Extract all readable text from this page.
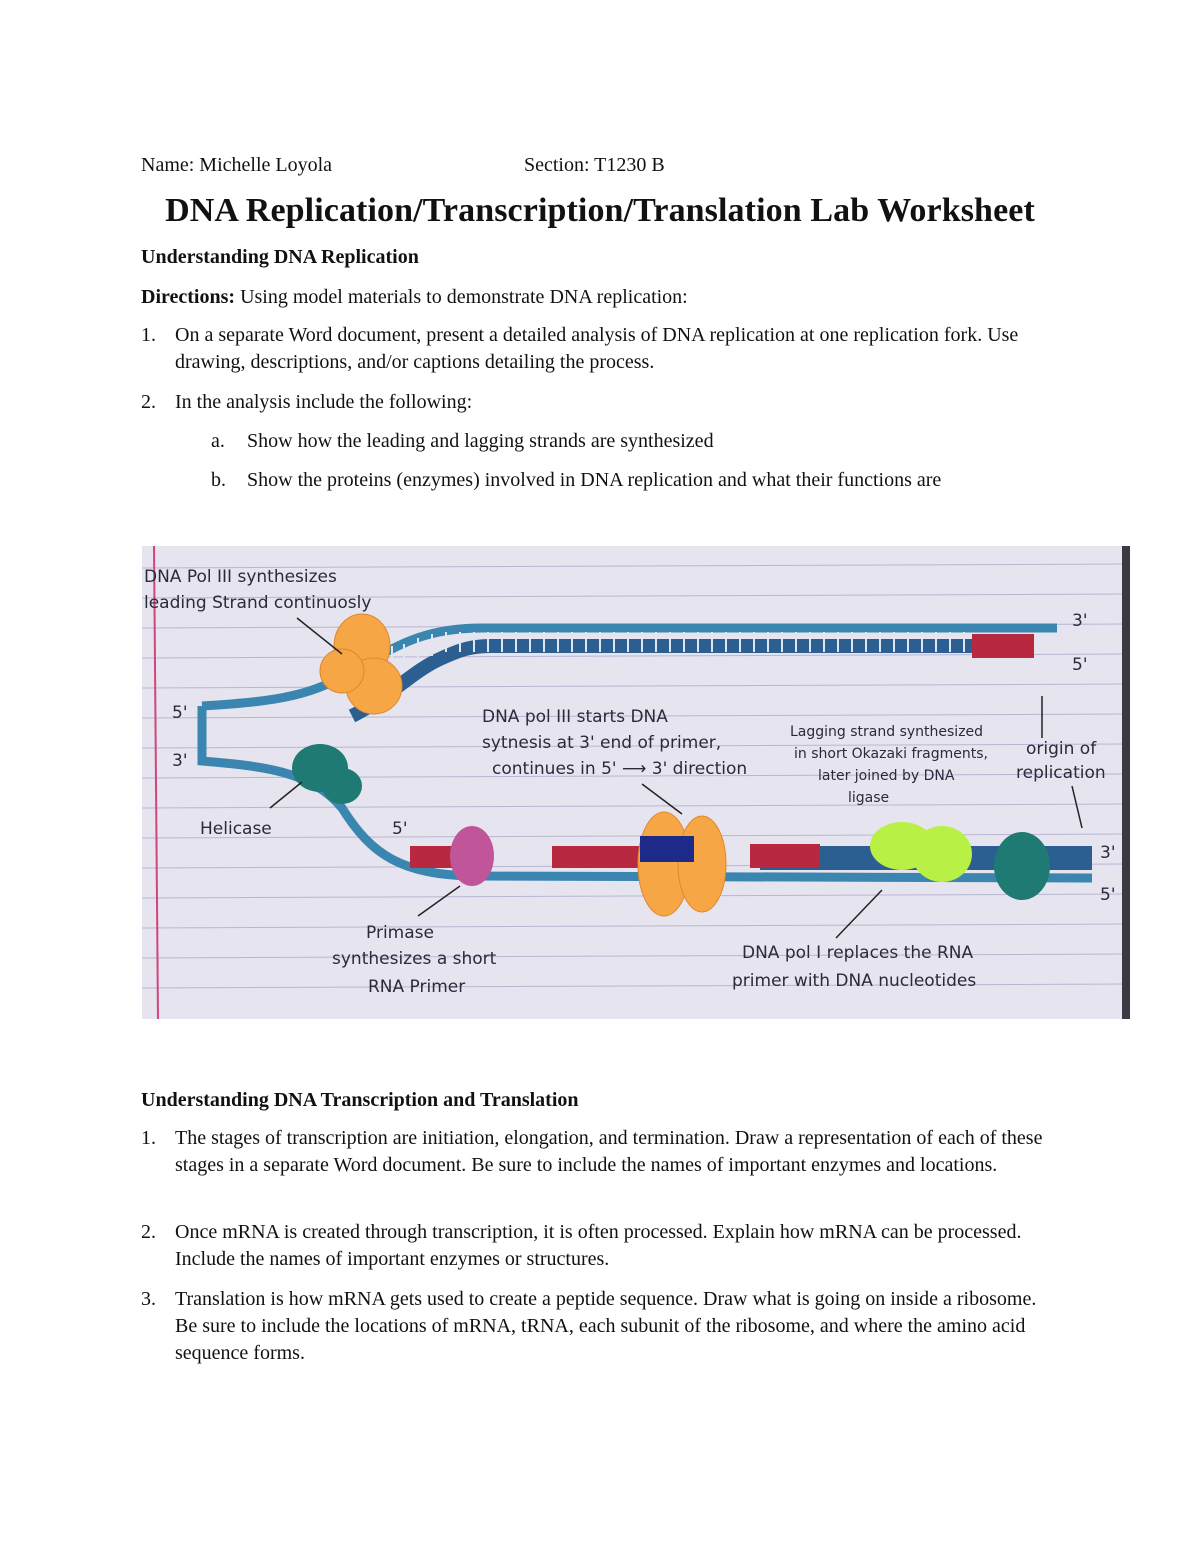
Name: Michelle Loyola	Section: T1230 B
DNA Replication/Transcription/Translation Lab Worksheet
Understanding DNA Replication
Directions: Using model materials to demonstrate DNA replication:
1. On a separate Word document, present a detailed analysis of DNA replication at one replication fork. Use drawing, descriptions, and/or captions detailing the process.
2. In the analysis include the following:
a.	Show how the leading and lagging strands are synthesized
b.	Show the proteins (enzymes) involved in DNA replication and what their functions are
DNA Pol III synthesizes
leading Strand continuosly
3'
5'
5'
3'
DNA pol III starts DNA
sytnesis at 3' end of primer,
continues in 5' ⟶ 3' direction
Lagging strand synthesized
in short Okazaki fragments,
later joined by DNA
ligase
origin of
replication
Helicase	5'
3'
5'
Primase
synthesizes a short
RNA Primer
DNA pol I replaces the RNA
primer with DNA nucleotides
Understanding DNA Transcription and Translation
1. The stages of transcription are initiation, elongation, and termination. Draw a representation of each of these stages in a separate Word document. Be sure to include the names of important enzymes and locations.
2. Once mRNA is created through transcription, it is often processed. Explain how mRNA can be processed. Include the names of important enzymes or structures.
3. Translation is how mRNA gets used to create a peptide sequence. Draw what is going on inside a ribosome. Be sure to include the locations of mRNA, tRNA, each subunit of the ribosome, and where the amino acid sequence forms.
